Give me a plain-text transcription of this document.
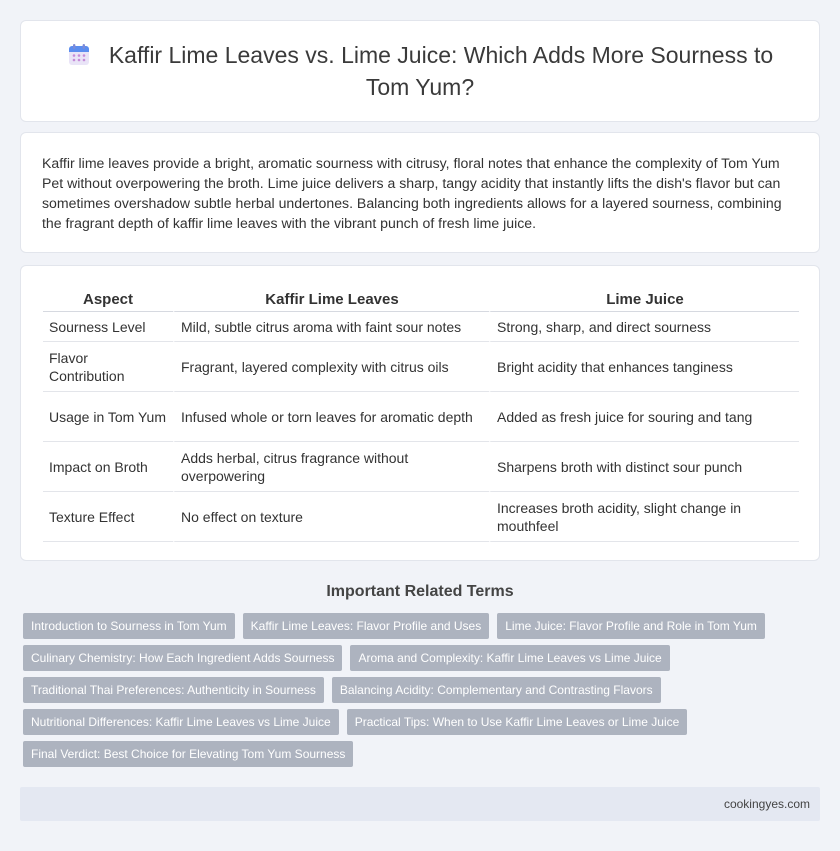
Kaffir Lime Leaves vs. Lime Juice: Which Adds More Sourness to Tom Yum?

Kaffir lime leaves provide a bright, aromatic sourness with citrusy, floral notes that enhance the complexity of Tom Yum Pet without overpowering the broth. Lime juice delivers a sharp, tangy acidity that instantly lifts the dish's flavor but can sometimes overshadow subtle herbal undertones. Balancing both ingredients allows for a layered sourness, combining the fragrant depth of kaffir lime leaves with the vibrant punch of fresh lime juice.

Aspect	Kaffir Lime Leaves	Lime Juice
Sourness Level	Mild, subtle citrus aroma with faint sour notes	Strong, sharp, and direct sourness
Flavor Contribution	Fragrant, layered complexity with citrus oils	Bright acidity that enhances tanginess
Usage in Tom Yum	Infused whole or torn leaves for aromatic depth	Added as fresh juice for souring and tang
Impact on Broth	Adds herbal, citrus fragrance without overpowering	Sharpens broth with distinct sour punch
Texture Effect	No effect on texture	Increases broth acidity, slight change in mouthfeel
Important Related Terms
Introduction to Sourness in Tom Yum	Kaffir Lime Leaves: Flavor Profile and Uses	Lime Juice: Flavor Profile and Role in Tom Yum
Culinary Chemistry: How Each Ingredient Adds Sourness	Aroma and Complexity: Kaffir Lime Leaves vs Lime Juice
Traditional Thai Preferences: Authenticity in Sourness	Balancing Acidity: Complementary and Contrasting Flavors
Nutritional Differences: Kaffir Lime Leaves vs Lime Juice	Practical Tips: When to Use Kaffir Lime Leaves or Lime Juice
Final Verdict: Best Choice for Elevating Tom Yum Sourness
cookingyes.com
